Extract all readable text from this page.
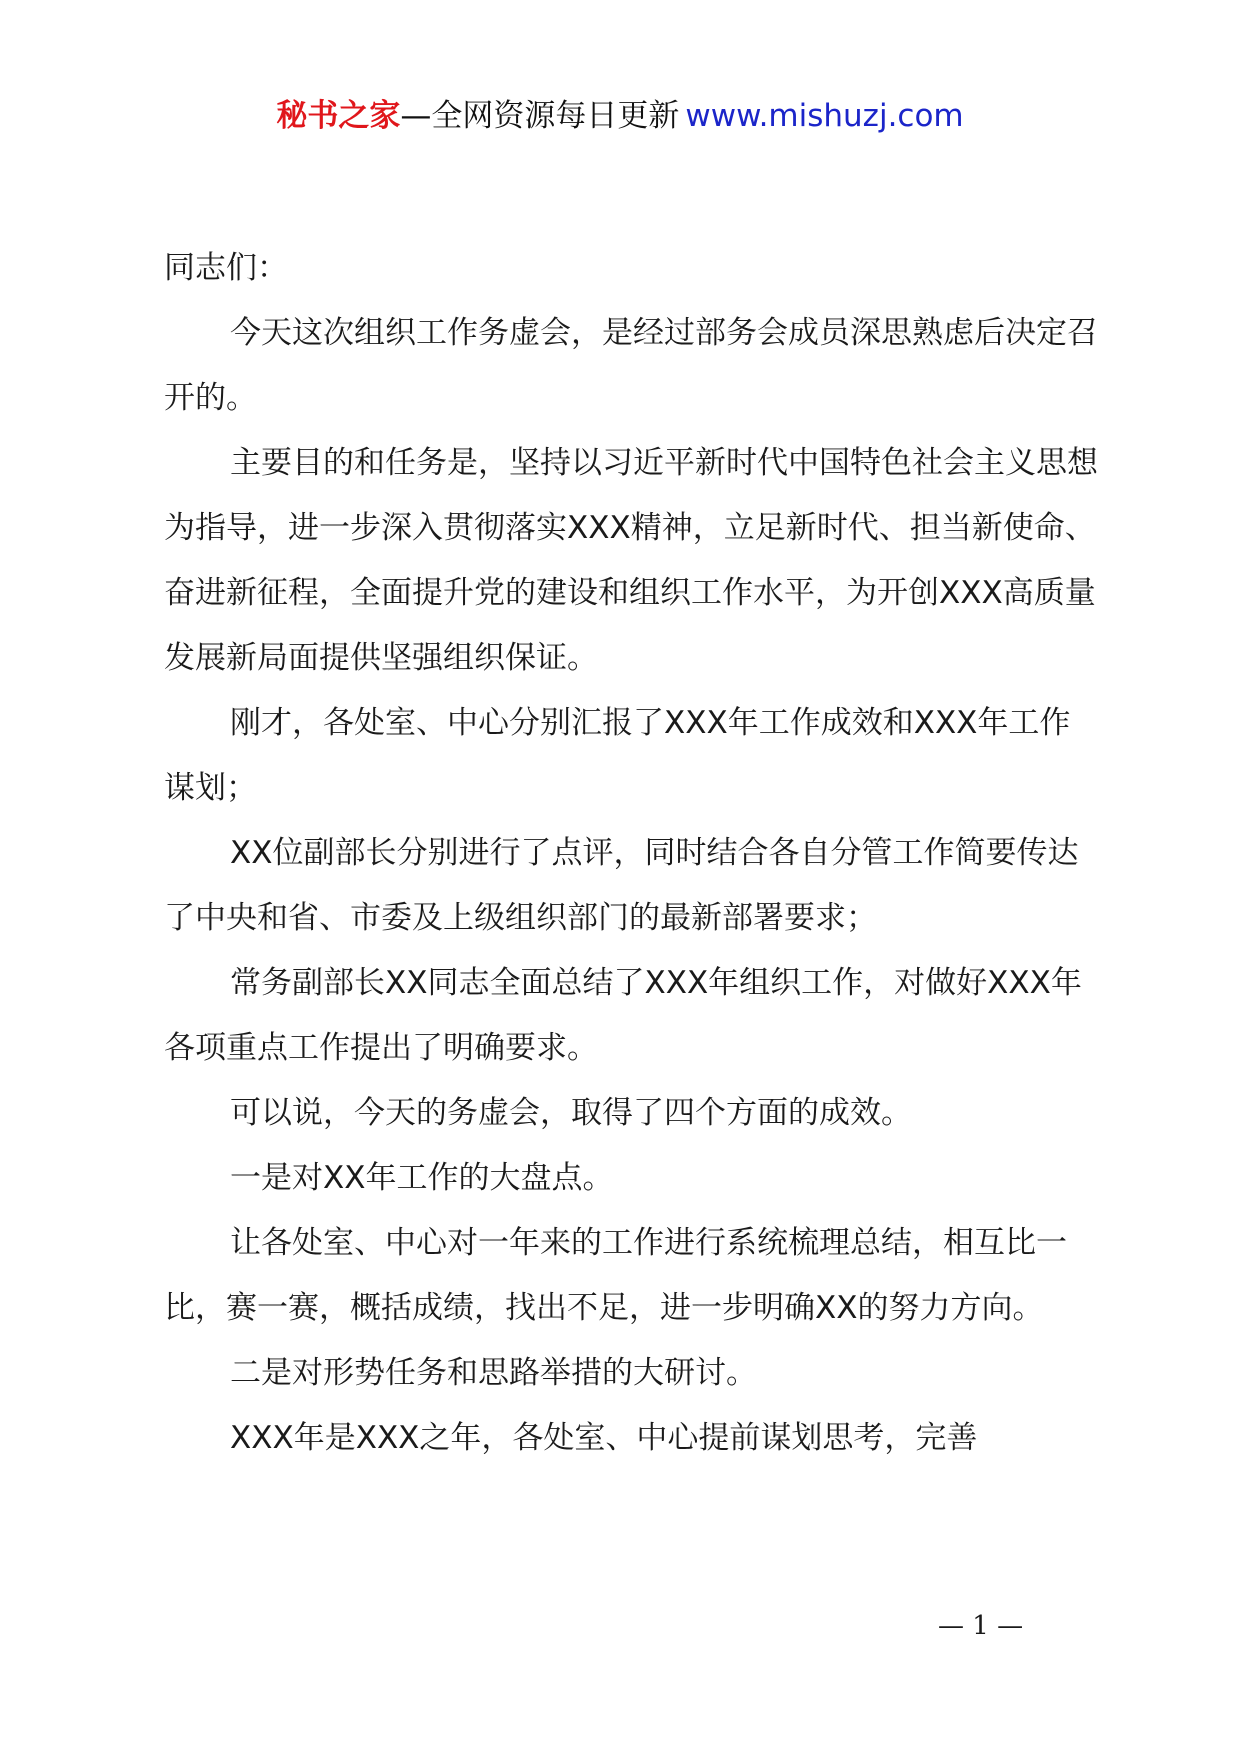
秘书之家—全网资源每日更新 www.mishuzj.com

同志们：

今天这次组织工作务虚会，是经过部务会成员深思熟虑后决定召开的。

主要目的和任务是，坚持以习近平新时代中国特色社会主义思想为指导，进一步深入贯彻落实XXX精神，立足新时代、担当新使命、奋进新征程，全面提升党的建设和组织工作水平，为开创XXX高质量发展新局面提供坚强组织保证。

刚才，各处室、中心分别汇报了XXX年工作成效和XXX年工作谋划；

XX位副部长分别进行了点评，同时结合各自分管工作简要传达了中央和省、市委及上级组织部门的最新部署要求；

常务副部长XX同志全面总结了XXX年组织工作，对做好XXX年各项重点工作提出了明确要求。

可以说，今天的务虚会，取得了四个方面的成效。

一是对XX年工作的大盘点。

让各处室、中心对一年来的工作进行系统梳理总结，相互比一比，赛一赛，概括成绩，找出不足，进一步明确XX的努力方向。

二是对形势任务和思路举措的大研讨。

XXX年是XXX之年，各处室、中心提前谋划思考，完善

— 1 —
